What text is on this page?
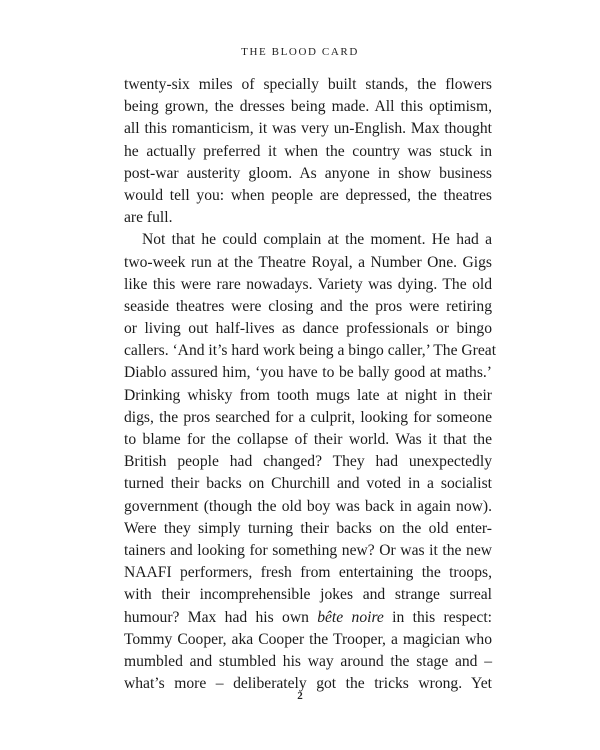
THE BLOOD CARD
twenty-six miles of specially built stands, the flowers
being grown, the dresses being made. All this optimism,
all this romanticism, it was very un-English. Max thought
he actually preferred it when the country was stuck in
post-war austerity gloom. As anyone in show business
would tell you: when people are depressed, the theatres
are full.
Not that he could complain at the moment. He had a
two-week run at the Theatre Royal, a Number One. Gigs
like this were rare nowadays. Variety was dying. The old
seaside theatres were closing and the pros were retiring
or living out half-lives as dance professionals or bingo
callers. ‘And it’s hard work being a bingo caller,’ The Great
Diablo assured him, ‘you have to be bally good at maths.’
Drinking whisky from tooth mugs late at night in their
digs, the pros searched for a culprit, looking for someone
to blame for the collapse of their world. Was it that the
British people had changed? They had unexpectedly
turned their backs on Churchill and voted in a socialist
government (though the old boy was back in again now).
Were they simply turning their backs on the old enter-
tainers and looking for something new? Or was it the new
NAAFI performers, fresh from entertaining the troops,
with their incomprehensible jokes and strange surreal
humour? Max had his own bête noire in this respect:
Tommy Cooper, aka Cooper the Trooper, a magician who
mumbled and stumbled his way around the stage and –
what’s more – deliberately got the tricks wrong. Yet
2
